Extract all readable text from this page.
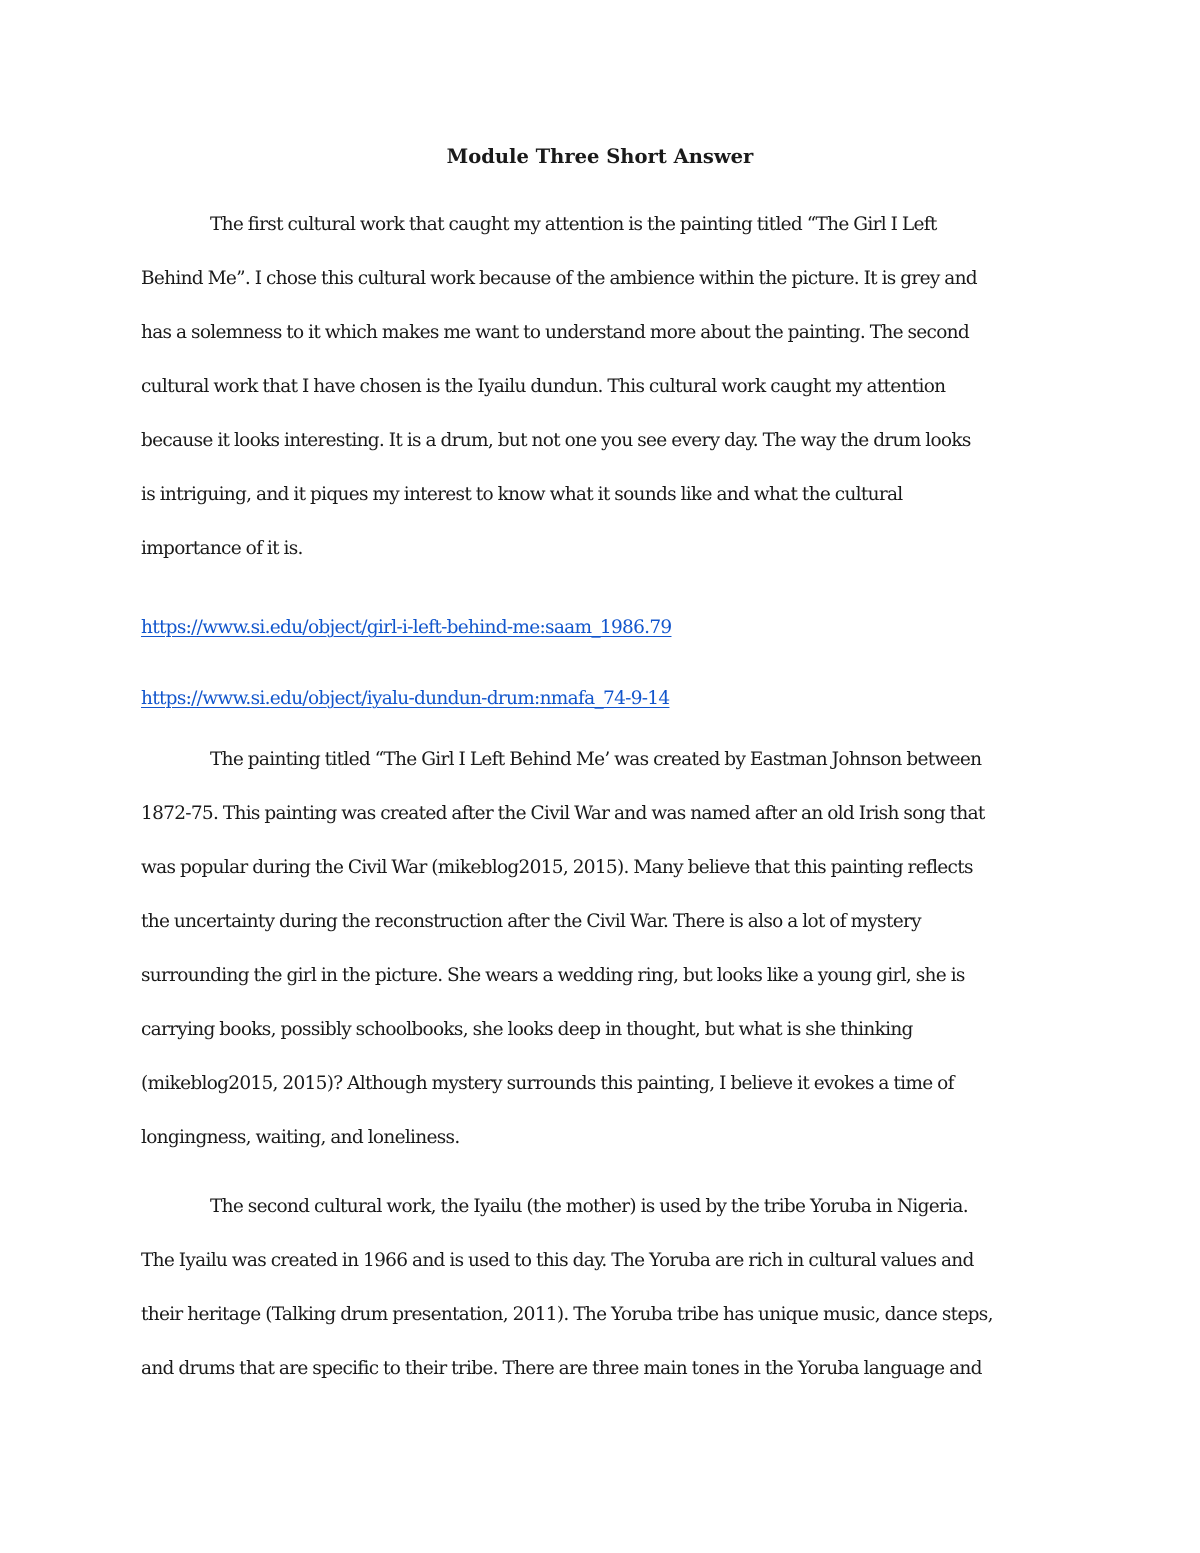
Module Three Short Answer
The first cultural work that caught my attention is the painting titled “The Girl I Left
Behind Me”. I chose this cultural work because of the ambience within the picture. It is grey and
has a solemness to it which makes me want to understand more about the painting. The second
cultural work that I have chosen is the Iyailu dundun. This cultural work caught my attention
because it looks interesting. It is a drum, but not one you see every day. The way the drum looks
is intriguing, and it piques my interest to know what it sounds like and what the cultural
importance of it is.
https://www.si.edu/object/girl-i-left-behind-me:saam_1986.79
https://www.si.edu/object/iyalu-dundun-drum:nmafa_74-9-14
The painting titled “The Girl I Left Behind Me’ was created by Eastman Johnson between
1872-75. This painting was created after the Civil War and was named after an old Irish song that
was popular during the Civil War (mikeblog2015, 2015). Many believe that this painting reflects
the uncertainty during the reconstruction after the Civil War. There is also a lot of mystery
surrounding the girl in the picture. She wears a wedding ring, but looks like a young girl, she is
carrying books, possibly schoolbooks, she looks deep in thought, but what is she thinking
(mikeblog2015, 2015)? Although mystery surrounds this painting, I believe it evokes a time of
longingness, waiting, and loneliness.
The second cultural work, the Iyailu (the mother) is used by the tribe Yoruba in Nigeria.
The Iyailu was created in 1966 and is used to this day. The Yoruba are rich in cultural values and
their heritage (Talking drum presentation, 2011). The Yoruba tribe has unique music, dance steps,
and drums that are specific to their tribe. There are three main tones in the Yoruba language and
